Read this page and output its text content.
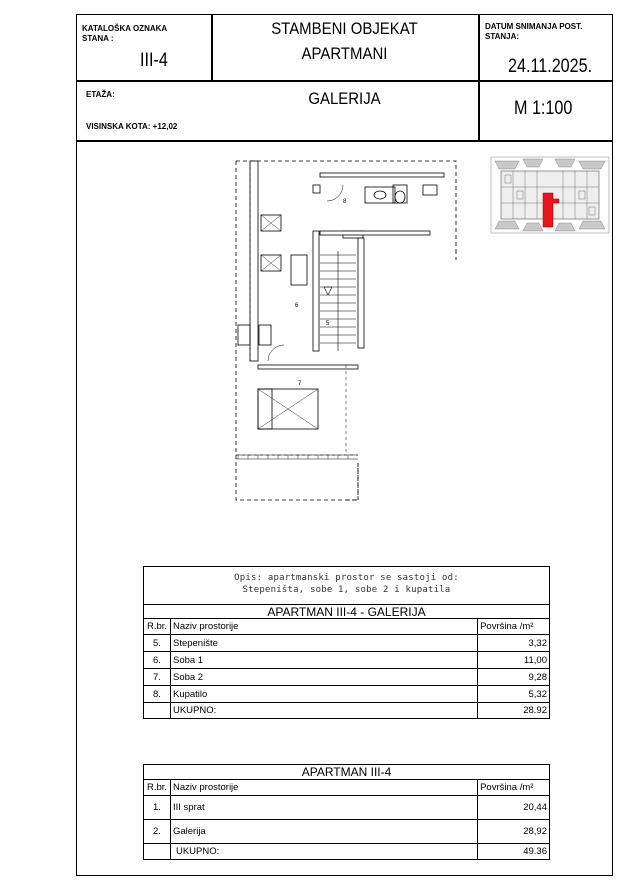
KATALOŠKA OZNAKA
STANA :
III-4
STAMBENI OBJEKAT
APARTMANI
DATUM SNIMANJA POST.
STANJA:
24.11.2025.
ETAŽA:	GALERIJA
VISINSKA KOTA: +12,02
M 1:100
8
6
5
7
Opis: apartmanski prostor se sastoji od:
Stepeništa, sobe 1, sobe 2 i kupatila
APARTMAN III-4 - GALERIJA
R.br.	Naziv prostorije	Površina /m²
5.	Stepenište	3,32
6.	Soba 1	11,00
7.	Soba 2	9,28
8.	Kupatilo	5,32
	UKUPNO:	28.92
APARTMAN III-4
R.br.	Naziv prostorije	Površina /m²
1.	III sprat	20,44
2.	Galerija	28,92
	UKUPNO:	49.36
